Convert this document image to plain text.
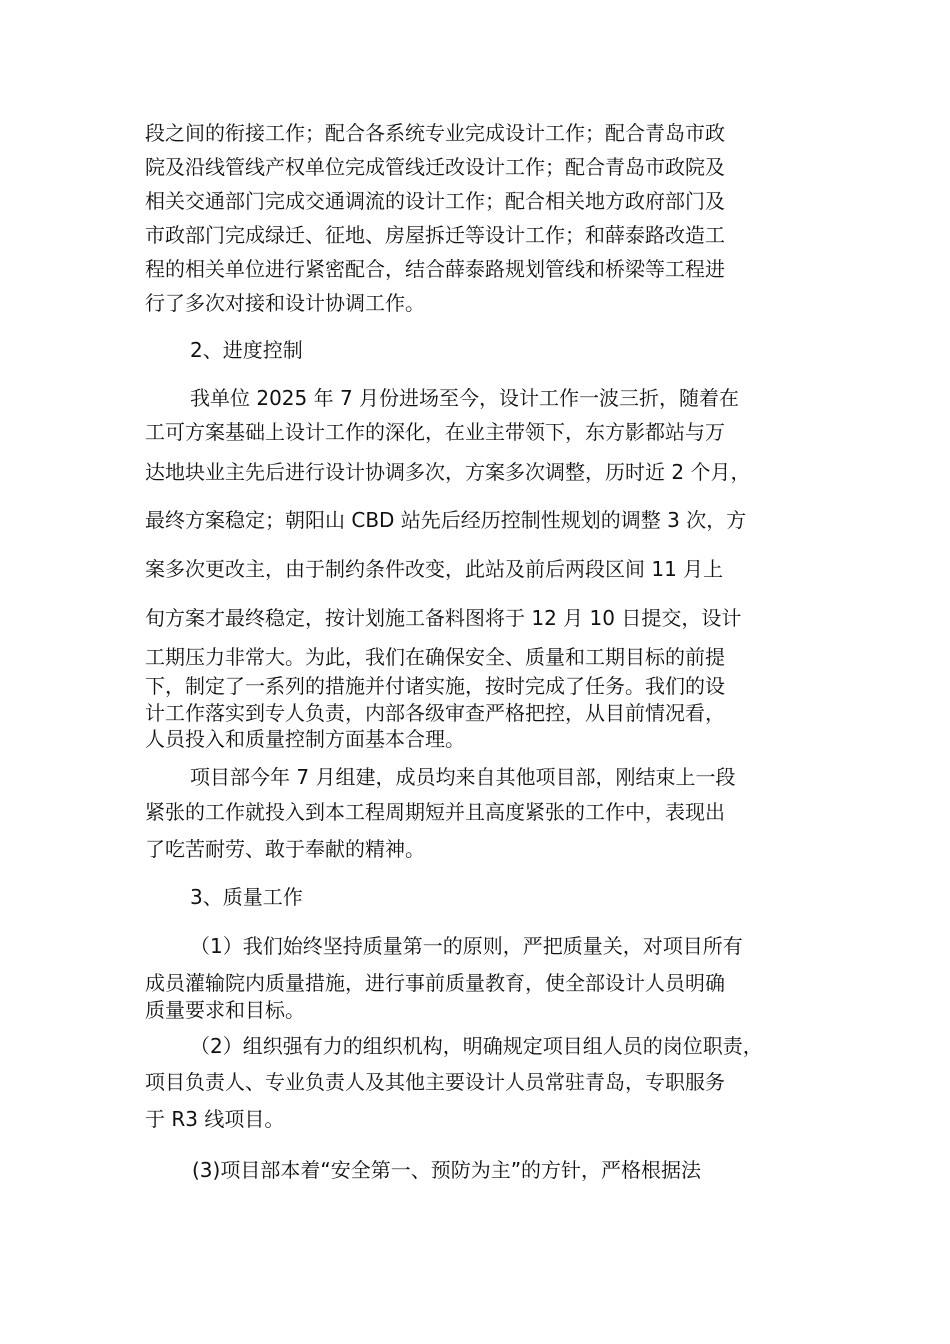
段之间的衔接工作；配合各系统专业完成设计工作；配合青岛市政

院及沿线管线产权单位完成管线迁改设计工作；配合青岛市政院及

相关交通部门完成交通调流的设计工作；配合相关地方政府部门及

市政部门完成绿迁、征地、房屋拆迁等设计工作；和薛泰路改造工

程的相关单位进行紧密配合，结合薛泰路规划管线和桥梁等工程进

行了多次对接和设计协调工作。

2、进度控制

我单位 2025 年 7 月份进场至今，设计工作一波三折，随着在

工可方案基础上设计工作的深化，在业主带领下，东方影都站与万

达地块业主先后进行设计协调多次，方案多次调整，历时近 2 个月，

最终方案稳定；朝阳山 CBD 站先后经历控制性规划的调整 3 次，方

案多次更改主，由于制约条件改变，此站及前后两段区间 11 月上

旬方案才最终稳定，按计划施工备料图将于 12 月 10 日提交，设计

工期压力非常大。为此，我们在确保安全、质量和工期目标的前提

下，制定了一系列的措施并付诸实施，按时完成了任务。我们的设

计工作落实到专人负责，内部各级审查严格把控，从目前情况看，

人员投入和质量控制方面基本合理。

项目部今年 7 月组建，成员均来自其他项目部，刚结束上一段

紧张的工作就投入到本工程周期短并且高度紧张的工作中，表现出

了吃苦耐劳、敢于奉献的精神。

3、质量工作

（1）我们始终坚持质量第一的原则，严把质量关，对项目所有

成员灌输院内质量措施，进行事前质量教育，使全部设计人员明确

质量要求和目标。

（2）组织强有力的组织机构，明确规定项目组人员的岗位职责，

项目负责人、专业负责人及其他主要设计人员常驻青岛，专职服务

于 R3 线项目。

(3)项目部本着“安全第一、预防为主”的方针，严格根据法
